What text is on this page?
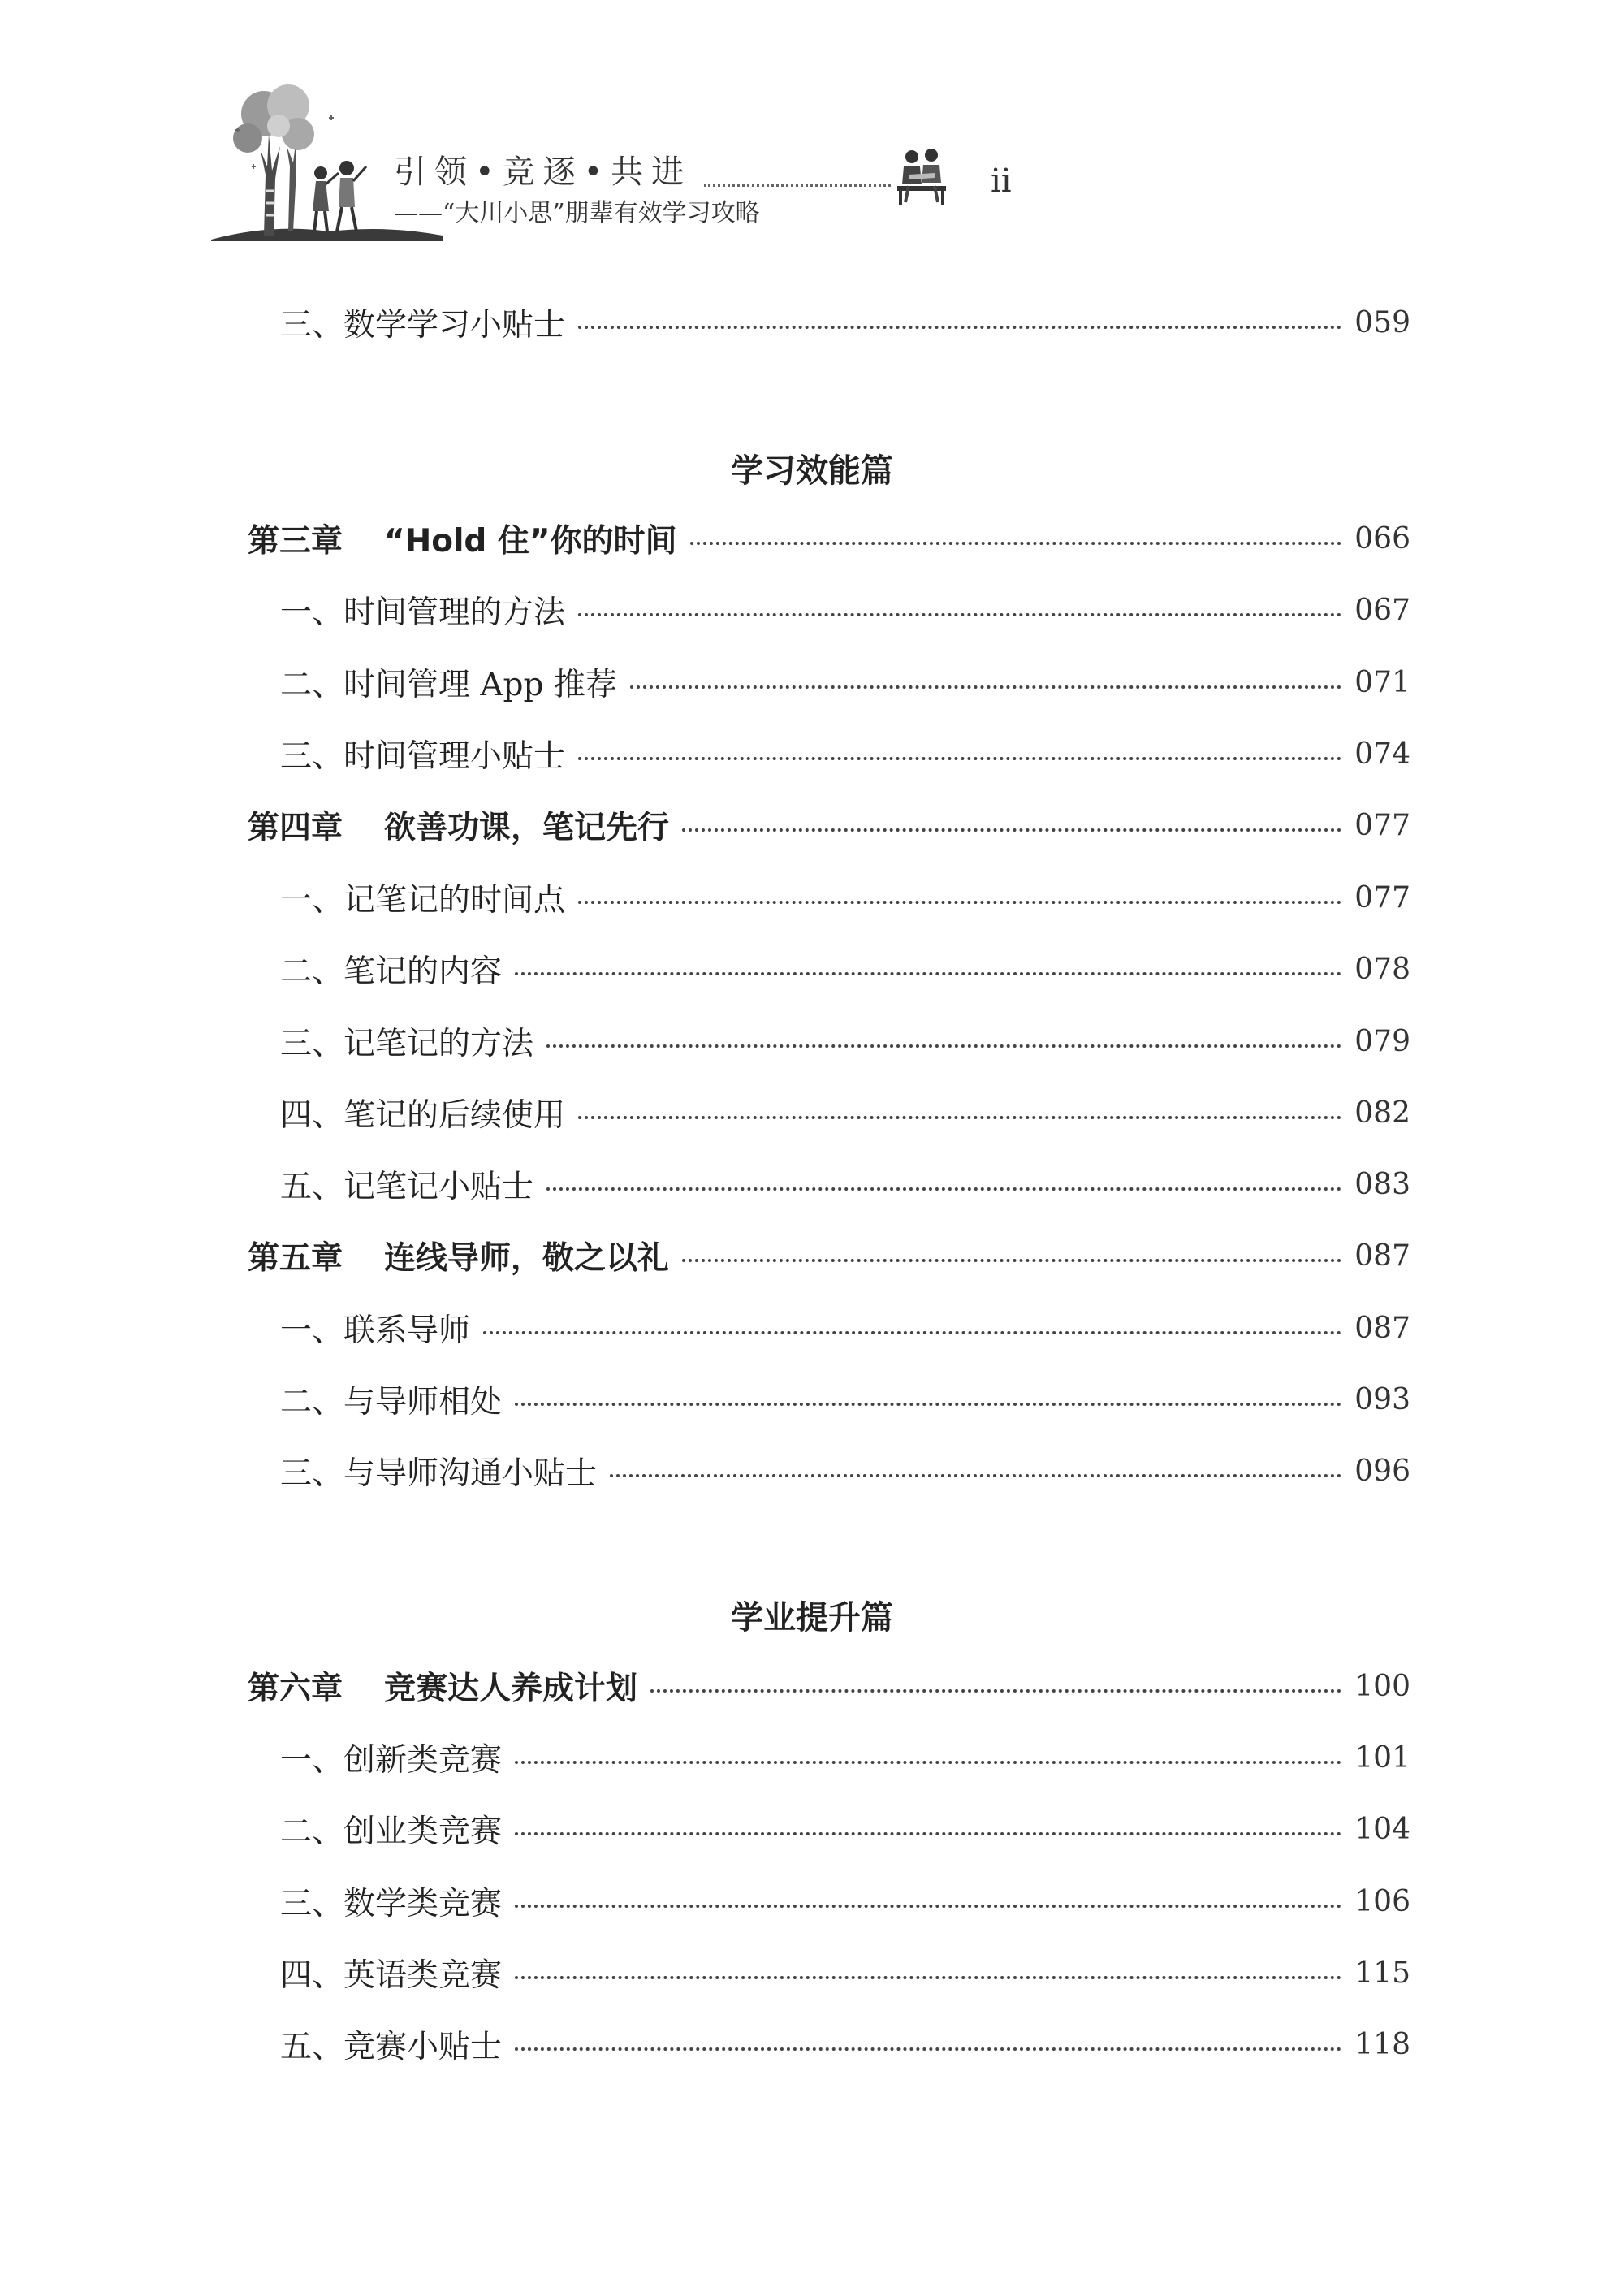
引领•竞逐•共进
——“大川小思”朋辈有效学习攻略
ii
三、数学学习小贴士	059
学习效能篇
第三章	“Hold 住”你的时间	066
一、时间管理的方法	067
二、时间管理 App 推荐	071
三、时间管理小贴士	074
第四章	欲善功课，笔记先行	077
一、记笔记的时间点	077
二、笔记的内容	078
三、记笔记的方法	079
四、笔记的后续使用	082
五、记笔记小贴士	083
第五章	连线导师，敬之以礼	087
一、联系导师	087
二、与导师相处	093
三、与导师沟通小贴士	096
学业提升篇
第六章	竞赛达人养成计划	100
一、创新类竞赛	101
二、创业类竞赛	104
三、数学类竞赛	106
四、英语类竞赛	115
五、竞赛小贴士	118
